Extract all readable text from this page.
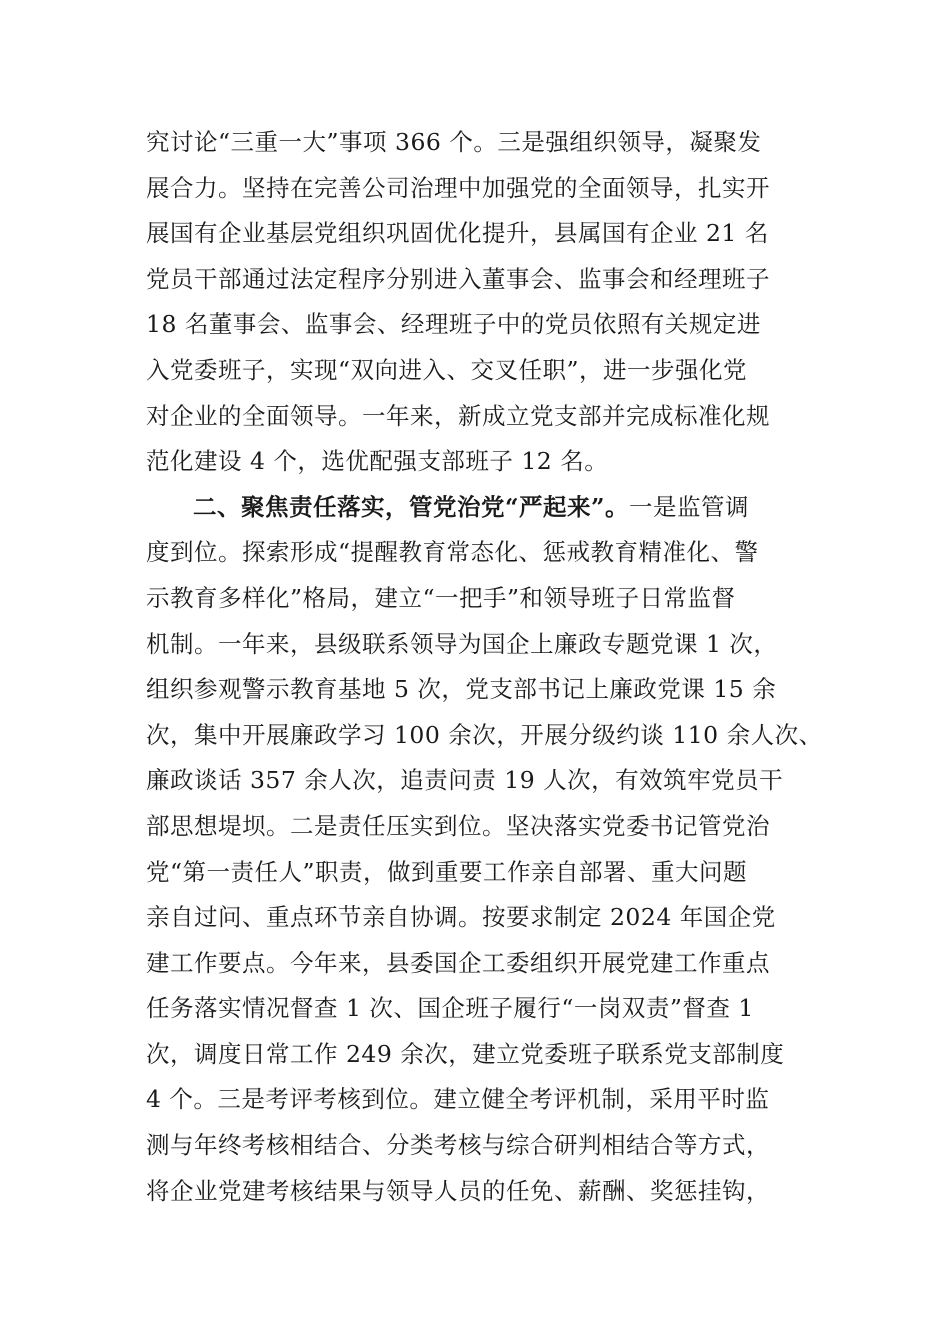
究讨论“三重一大”事项 366 个。三是强组织领导，凝聚发
展合力。坚持在完善公司治理中加强党的全面领导，扎实开
展国有企业基层党组织巩固优化提升，县属国有企业 21 名
党员干部通过法定程序分别进入董事会、监事会和经理班子
18 名董事会、监事会、经理班子中的党员依照有关规定进
入党委班子，实现“双向进入、交叉任职”，进一步强化党
对企业的全面领导。一年来，新成立党支部并完成标准化规
范化建设 4 个，选优配强支部班子 12 名。
二、聚焦责任落实，管党治党“严起来”。一是监管调
度到位。探索形成“提醒教育常态化、惩戒教育精准化、警
示教育多样化”格局，建立“一把手”和领导班子日常监督
机制。一年来，县级联系领导为国企上廉政专题党课 1 次，
组织参观警示教育基地 5 次，党支部书记上廉政党课 15 余
次，集中开展廉政学习 100 余次，开展分级约谈 110 余人次、
廉政谈话 357 余人次，追责问责 19 人次，有效筑牢党员干
部思想堤坝。二是责任压实到位。坚决落实党委书记管党治
党“第一责任人”职责，做到重要工作亲自部署、重大问题
亲自过问、重点环节亲自协调。按要求制定 2024 年国企党
建工作要点。今年来，县委国企工委组织开展党建工作重点
任务落实情况督查 1 次、国企班子履行“一岗双责”督查 1
次，调度日常工作 249 余次，建立党委班子联系党支部制度
4 个。三是考评考核到位。建立健全考评机制，采用平时监
测与年终考核相结合、分类考核与综合研判相结合等方式，
将企业党建考核结果与领导人员的任免、薪酬、奖惩挂钩，
